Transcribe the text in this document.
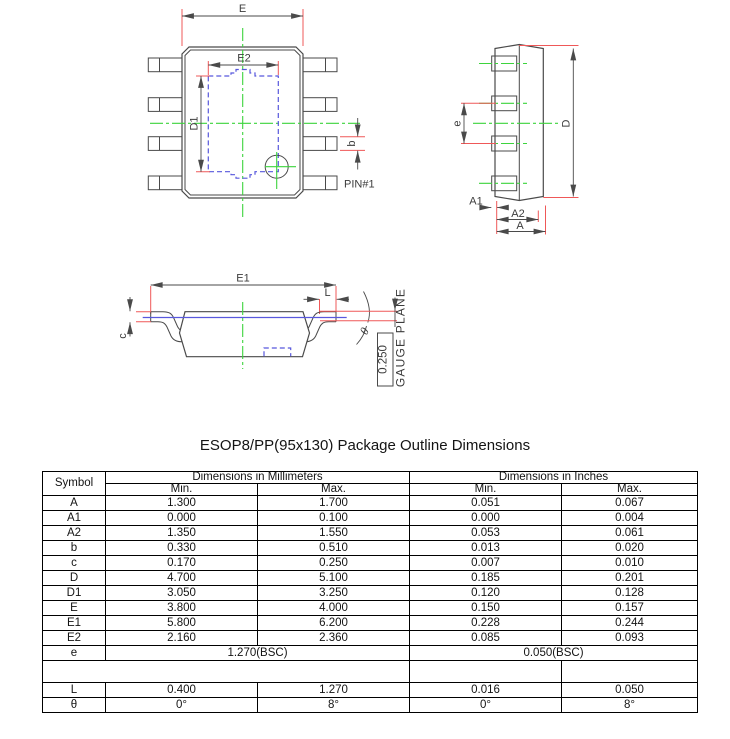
E
E2
D1
b
PIN#1
e	D
A1
A2
A
E1
L
c	θ
0.250 GAUGE PLANE
ESOP8/PP(95x130) Package Outline Dimensions
Symbol	Dimensions in Millimeters		Dimensions in Inches	
	Min.	Max.	Min.	Max.
A	1.300	1.700	0.051	0.067
A1	0.000	0.100	0.000	0.004
A2	1.350	1.550	0.053	0.061
b	0.330	0.510	0.013	0.020
c	0.170	0.250	0.007	0.010
D	4.700	5.100	0.185	0.201
D1	3.050	3.250	0.120	0.128
E	3.800	4.000	0.150	0.157
E1	5.800	6.200	0.228	0.244
E2	2.160	2.360	0.085	0.093
e	1.270(BSC)		0.050(BSC)	

L	0.400	1.270	0.016	0.050
θ	0°	8°	0°	8°
